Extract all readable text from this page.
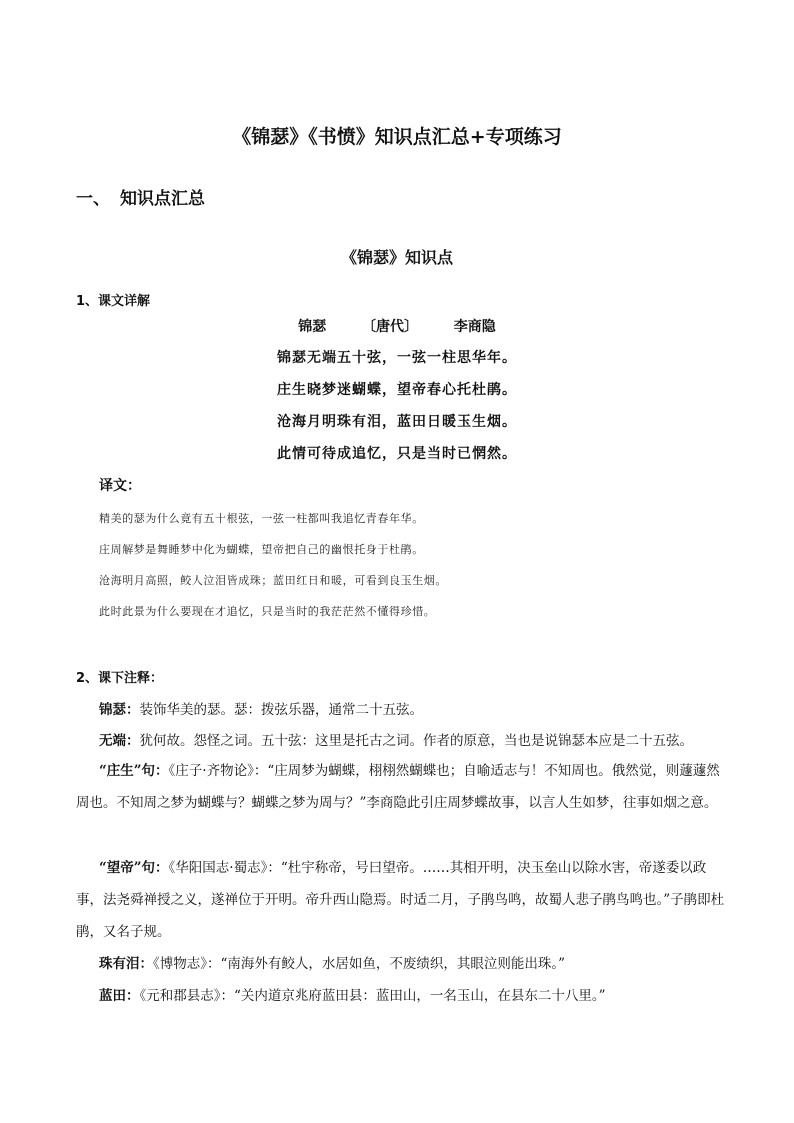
《锦瑟》《书愤》知识点汇总+专项练习
一、 知识点汇总
《锦瑟》知识点
1、课文详解
锦瑟	〔唐代〕	李商隐
锦瑟无端五十弦，一弦一柱思华年。
庄生晓梦迷蝴蝶，望帝春心托杜鹃。
沧海月明珠有泪，蓝田日暖玉生烟。
此情可待成追忆，只是当时已惘然。
译文：
精美的瑟为什么竟有五十根弦，一弦一柱都叫我追忆青春年华。
庄周解梦是舞睡梦中化为蝴蝶，望帝把自己的幽恨托身于杜鹃。
沧海明月高照，鲛人泣泪皆成珠；蓝田红日和暖，可看到良玉生烟。
此时此景为什么要现在才追忆，只是当时的我茫茫然不懂得珍惜。
2、课下注释：
锦瑟：装饰华美的瑟。瑟：拨弦乐器，通常二十五弦。
无端：犹何故。怨怪之词。五十弦：这里是托古之词。作者的原意，当也是说锦瑟本应是二十五弦。
“庄生”句：《庄子·齐物论》：“庄周梦为蝴蝶，栩栩然蝴蝶也；自喻适志与！不知周也。俄然觉，则蘧蘧然周也。不知周之梦为蝴蝶与？蝴蝶之梦为周与？”李商隐此引庄周梦蝶故事，以言人生如梦，往事如烟之意。
“望帝”句：《华阳国志·蜀志》：“杜宇称帝，号曰望帝。……其相开明，决玉垒山以除水害，帝遂委以政事，法尧舜禅授之义，遂禅位于开明。帝升西山隐焉。时适二月，子鹃鸟鸣，故蜀人悲子鹃鸟鸣也。”子鹃即杜鹃，又名子规。
珠有泪：《博物志》：“南海外有鲛人，水居如鱼，不废绩织，其眼泣则能出珠。”
蓝田：《元和郡县志》：“关内道京兆府蓝田县：蓝田山，一名玉山，在县东二十八里。”
